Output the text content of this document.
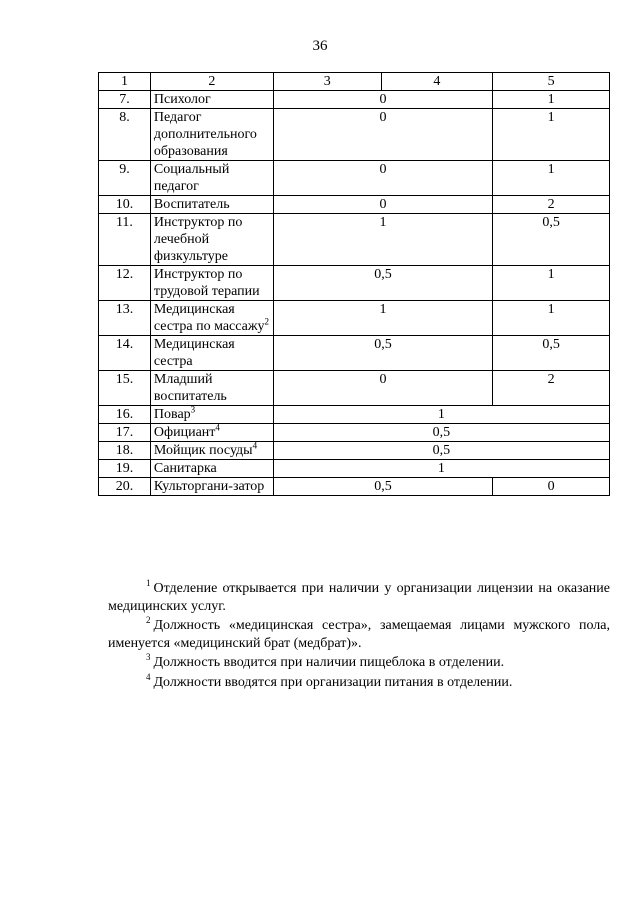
36
1	2	3	4	5
7.	Психолог	0		1
8.	Педагог дополнительного образования	0		1
9.	Социальный педагог	0		1
10.	Воспитатель	0		2
11.	Инструктор по лечебной физкультуре	1		0,5
12.	Инструктор по трудовой терапии	0,5		1
13.	Медицинская сестра по массажу$^2$	1		1
14.	Медицинская сестра	0,5		0,5
15.	Младший воспитатель	0		2
16.	Повар$^3$	1		
17.	Официант$^4$	0,5		
18.	Мойщик посуды$^4$	0,5		
19.	Санитарка	1		
20.	Культоргани-затор	0,5		0

$^1$ Отделение открывается при наличии у организации лицензии на оказание медицинских услуг.

$^2$ Должность «медицинская сестра», замещаемая лицами мужского пола, именуется «медицинский брат (медбрат)».

$^3$ Должность вводится при наличии пищеблока в отделении.

$^4$ Должности вводятся при организации питания в отделении.
